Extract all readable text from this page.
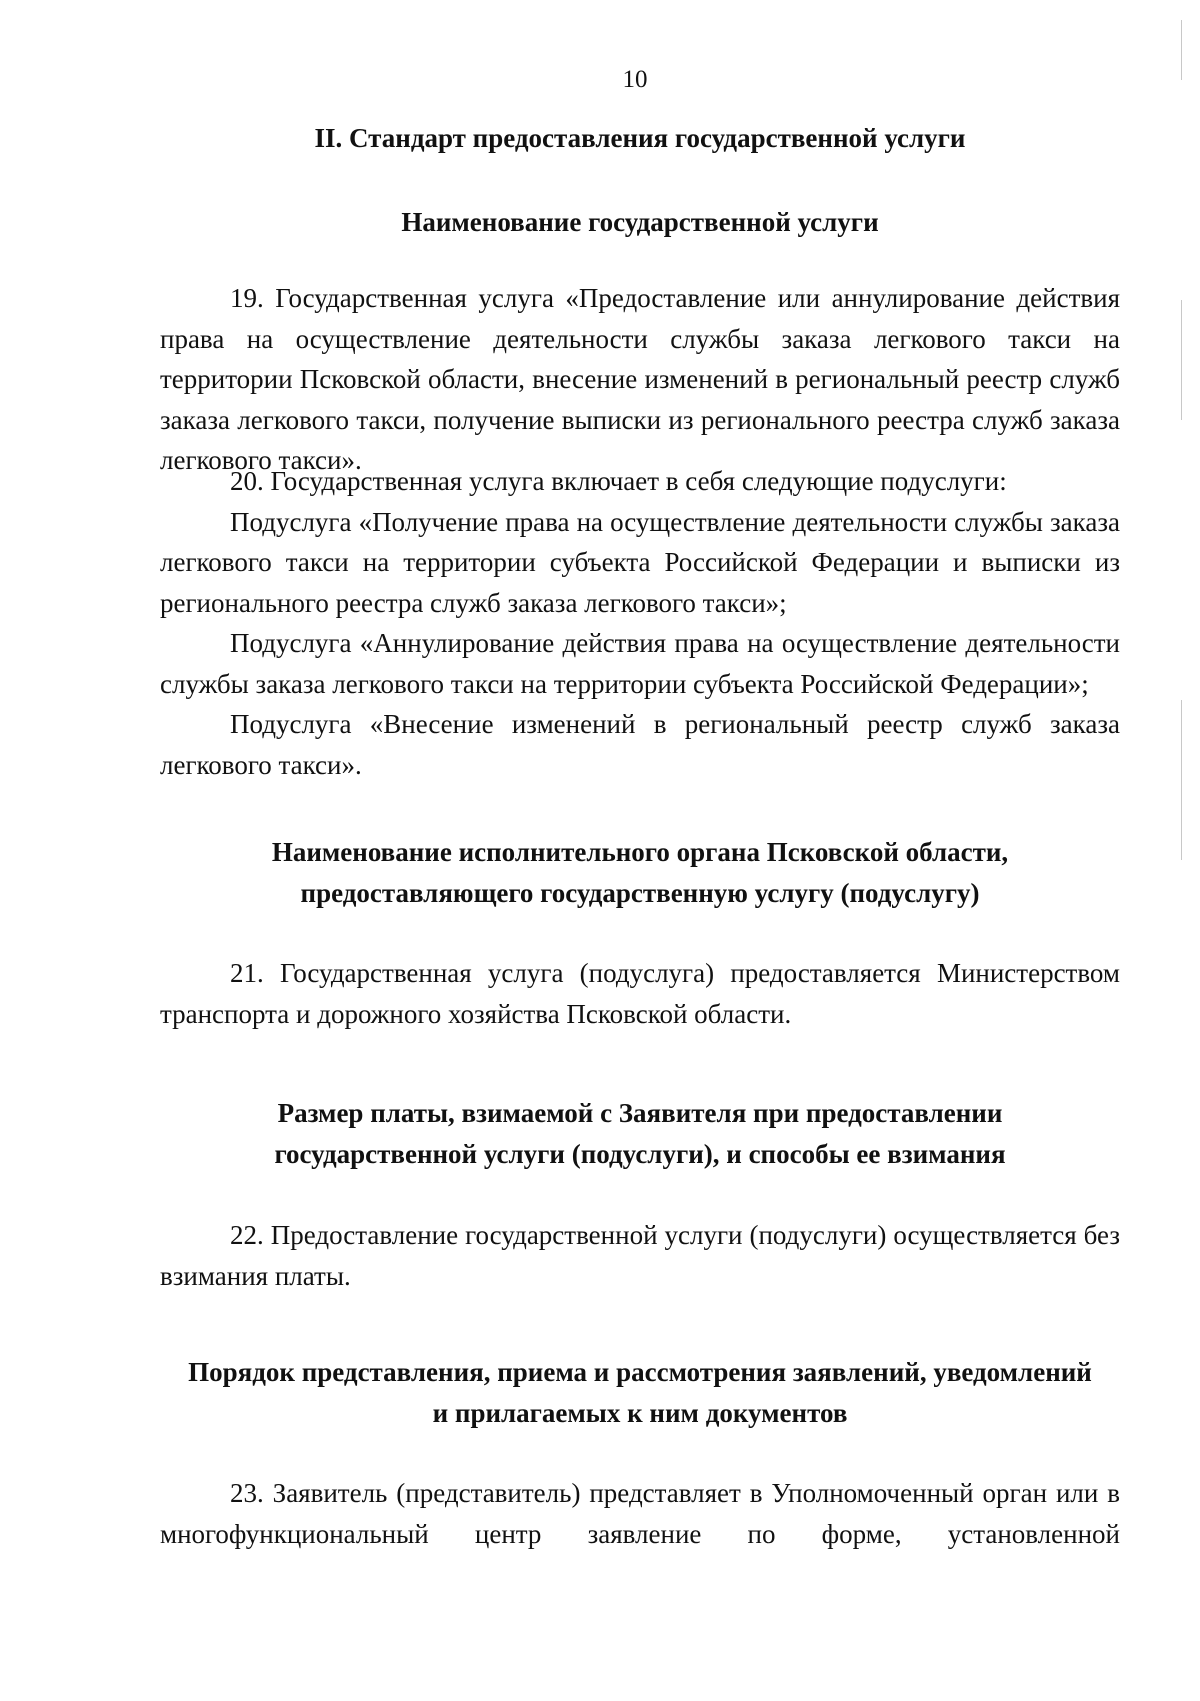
10

II. Стандарт предоставления государственной услуги

Наименование государственной услуги

19. Государственная услуга «Предоставление или аннулирование действия права на осуществление деятельности службы заказа легкового такси на территории Псковской области, внесение изменений в региональный реестр служб заказа легкового такси, получение выписки из регионального реестра служб заказа легкового такси».

20. Государственная услуга включает в себя следующие подуслуги:

Подуслуга «Получение права на осуществление деятельности службы заказа легкового такси на территории субъекта Российской Федерации и выписки из регионального реестра служб заказа легкового такси»;

Подуслуга «Аннулирование действия права на осуществление деятельности службы заказа легкового такси на территории субъекта Российской Федерации»;

Подуслуга «Внесение изменений в региональный реестр служб заказа легкового такси».

Наименование исполнительного органа Псковской области,

предоставляющего государственную услугу (подуслугу)

21. Государственная услуга (подуслуга) предоставляется Министерством транспорта и дорожного хозяйства Псковской области.

Размер платы, взимаемой с Заявителя при предоставлении

государственной услуги (подуслуги), и способы ее взимания

22. Предоставление государственной услуги (подуслуги) осуществляется без взимания платы.

Порядок представления, приема и рассмотрения заявлений, уведомлений

и прилагаемых к ним документов

23. Заявитель (представитель) представляет в Уполномоченный орган или в многофункциональный центр заявление по форме, установленной
